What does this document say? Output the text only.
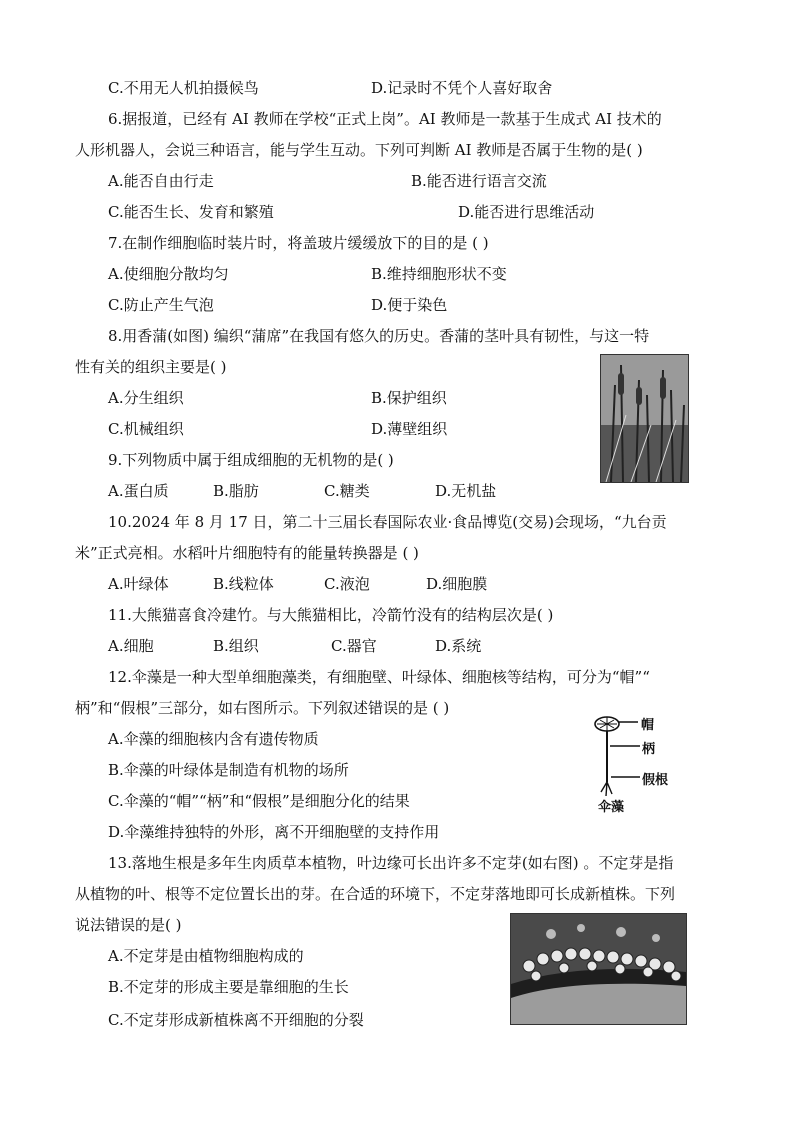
C.不用无人机拍摄候鸟	D.记录时不凭个人喜好取舍
6.据报道，已经有 AI 教师在学校“正式上岗”。AI 教师是一款基于生成式 AI 技术的
人形机器人，会说三种语言，能与学生互动。下列可判断 AI 教师是否属于生物的是( )
A.能否自由行走	B.能否进行语言交流
C.能否生长、发育和繁殖	D.能否进行思维活动
7.在制作细胞临时装片时，将盖玻片缓缓放下的目的是 ( )
A.使细胞分散均匀	B.维持细胞形状不变
C.防止产生气泡	D.便于染色
8.用香蒲(如图) 编织“蒲席”在我国有悠久的历史。香蒲的茎叶具有韧性，与这一特
性有关的组织主要是( )
A.分生组织	B.保护组织
C.机械组织	D.薄壁组织
9.下列物质中属于组成细胞的无机物的是( )
A.蛋白质	B.脂肪	C.糖类	D.无机盐
10.2024 年 8 月 17 日，第二十三届长春国际农业·食品博览(交易)会现场，“九台贡
米”正式亮相。水稻叶片细胞特有的能量转换器是 ( )
A.叶绿体	B.线粒体	C.液泡	D.细胞膜
11.大熊猫喜食冷建竹。与大熊猫相比，冷箭竹没有的结构层次是( )
A.细胞	B.组织	C.器官	D.系统
12.伞藻是一种大型单细胞藻类，有细胞壁、叶绿体、细胞核等结构，可分为“帽”“
柄”和“假根”三部分，如右图所示。下列叙述错误的是 ( )
A.伞藻的细胞核内含有遗传物质
B.伞藻的叶绿体是制造有机物的场所
C.伞藻的“帽”“柄”和“假根”是细胞分化的结果
D.伞藻维持独特的外形，离不开细胞壁的支持作用
帽
柄
假根
伞藻
13.落地生根是多年生肉质草本植物，叶边缘可长出许多不定芽(如右图) 。不定芽是指
从植物的叶、根等不定位置长出的芽。在合适的环境下，不定芽落地即可长成新植株。下列
说法错误的是( )
A.不定芽是由植物细胞构成的
B.不定芽的形成主要是靠细胞的生长
C.不定芽形成新植株离不开细胞的分裂
